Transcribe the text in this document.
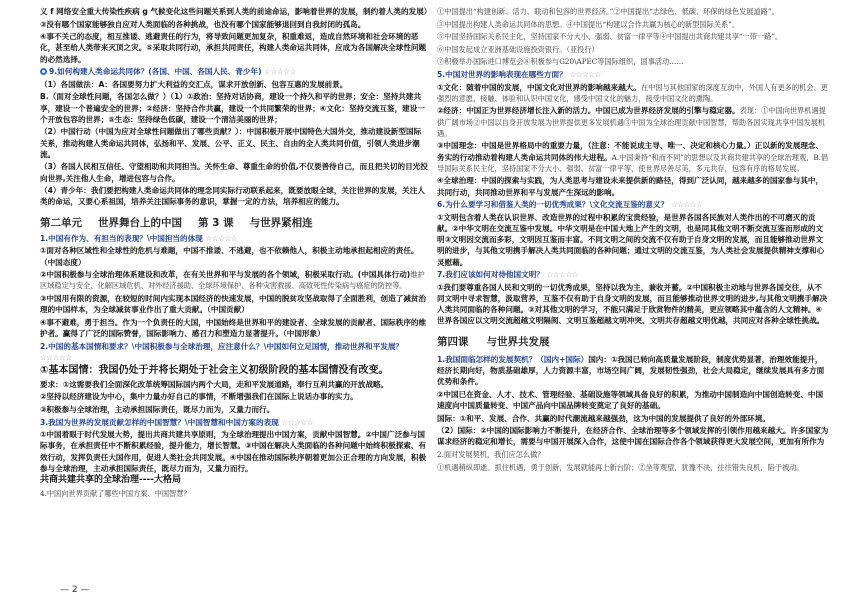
义 f 网络安全重大传染性疾病 g 气候变化这些问题关系到人类的前途命运，影响着世界的发展，制约着人类的发展）

③没有哪个国家能够独自应对人类面临的各种挑战，也没有哪个国家能够退回到自我封闭的孤岛。

④事不关己的态度，相互推诿、逃避责任的行为，将导致问题更加复杂，积重难返，造成自然环境和社会环境的恶化，甚至给人类带来灭顶之灾。⑤采取共同行动，承担共同责任，构建人类命运共同体，应成为各国解决全球性问题的必然选择。

9.如何构建人类命运共同体？(各国、中国、各国人民、青少年) ☆☆☆☆☆

（1）各国做法：A：各国要努力扩大利益的交汇点，谋求开放创新、包容互惠的发展前景。

B.（面对全球性问题，各国怎么做？）（1）①政治：坚持对话协商，建设一个持久和平的世界；安全：坚持共建共享，建设一个普遍安全的世界；②经济：坚持合作共赢，建设一个共同繁荣的世界；④文化：坚持交流互鉴，建设一个开放包容的世界；⑤生态：坚持绿色低碳，建设一个清洁美丽的世界；

（2）中国行动（中国为应对全球性问题做出了哪些贡献？）：中国积极开展中国特色大国外交，推动建设新型国际关系，推动构建人类命运共同体，弘扬和平、发展、公平、正义、民主、自由的全人类共同价值，引领人类进步潮流。

（3）各国人民相互信任、守望相助和共同担当。关怀生命、尊重生命的价值,不仅要善待自己，而且把关切的目光投向世界,关注他人生命，增进包容与合作。

（4）青少年：我们要把构建人类命运共同体的理念同实际行动联系起来，既要放眼全球，关注世界的发展，关注人类的命运，又要心系祖国，培养关注国际事务的意识，掌握一定的方法，培养相应的能力。

第二单元 世界舞台上的中国 第 3 课 与世界紧相连

1.中国有作为、有担当的表现？\中国担当的体现 ☆☆☆☆☆

①面对各种区域性和全球性的危机与难题，中国不推诿、不逃避，也不依赖他人，积极主动地承担起相应的责任。（中国态度）

②中国积极参与全球治理体系建设和改革，在有关世界和平与发展的各个领域，积极采取行动。(中国具体行动)维护区域稳定与安全、化解区域危机、对外经济援助、全球环境保护、各种灾害救援、高致死性传染病与癌症的防控等。

③中国用有限的资源，在较短的时间内实现本国经济的快速发展，中国的脱贫攻坚战取得了全面胜利，创造了减贫治理的中国样本，为全球减贫事业作出了重大贡献。（中国贡献）

④事不避难，勇于担当。作为一个负责任的大国，中国始终是世界和平的建设者、全球发展的贡献者、国际秩序的维护者。赢得了广泛的国际赞誉，国际影响力、感召力和塑造力显著提升。（中国形象）

2.中国的基本国情和要求？\中国积极参与全球治理，应注意什么？\中国如何立足国情，推动世界和平发展？ ☆☆☆☆☆

①基本国情：我国仍处于并将长期处于社会主义初级阶段的基本国情没有改变。

要求：①这需要我们全面深化改革统筹国际国内两个大局，走和平发展道路，奉行互利共赢的开放战略。

②坚持以经济建设为中心，集中力量办好自己的事情，不断增强我们在国际上说话办事的实力。

③积极参与全球治理，主动承担国际责任，既尽力而为，又量力而行。

3.我国为世界的发展贡献怎样的中国智慧？\中国智慧和中国方案的表现 ☆☆☆☆☆

①中国着眼于时代发展大势，提出共商共建共享原则，为全球治理提出中国方案，贡献中国智慧。②中国广泛参与国际事务，在承担责任中不断积累经验，提升能力，增长智慧。③中国在解决人类面临的各种问题中始终积极探索、有效行动，发挥负责任大国作用，促进人类社会共同发展。④中国在推动国际秩序朝着更加公正合理的方向发展，积极参与全球治理，主动承担国际责任，既尽力而为，又量力而行。

共商共建共享的全球治理----大格局

4.中国向世界贡献了哪些中国方案、中国智慧？

— 2 —

①中国提出“构建创新、活力、联动和包容的世界经济。”②中国提出“志绿色、低碳、环保的绿色发展道路”。

③中国提出构建人类命运共同体的思想。④中国提出“构建以合作共赢为核心的新型国际关系”。

⑤中国坚持国际关系民主化，坚持国家不分大小、强弱、贫富一律平等④中国提出共商共建共享“一带一路”。

⑥中国发起成立亚洲基础设施投资银行。（亚投行）

⑦积极举办国际进口博览会⑧积极参与G20\APEC等国际组织，国事活动……

5.中国对世界的影响表现在哪些方面？ ☆☆☆☆☆

①文化：随着中国的发展，中国文化对世界的影响越来越大。在中国与其他国家的深度互动中，外国人有更多的机会、更强烈的意愿，接触、体验和认识中国文化，感受中国文化的魅力，接受中国文化的熏陶。

②经济：中国正为世界经济增长注入新的活力。中国已成为世界经济发展的引擎与稳定器。表现：①中国向世界机遇提供广阔市场②中国以自身开放发展为世界提供更多发展机遇③中国为全球治理贡献中国智慧，帮助各国实现共享中国发展机遇。

③中国理念：中国是世界格局中的重要力量，（注意：不能说成主导、唯一、决定和核心力量。）正以新的发展理念、务实的行动推动着构建人类命运共同体的伟大进程。A.中国秉持“和而不同”的思想以及共商共建共享的全球治理观，B.倡导国际关系民主化，坚持国家不分大小、强弱、贫富一律平等，使世界尽善尽美，多元共存，包容有序的格局发展。

④全球治理：中国的探索与实践，为人类思考与建设未来提供新的路径，得到广泛认同，越来越多的国家参与其中，共同行动，共同推动世界和平与发展产生深远的影响。

6.为什么要学习和借鉴人类的一切优秀成果？\文化交流互鉴的意义？ ☆☆☆☆☆

①文明包含着人类在认识世界、改造世界的过程中积累的宝贵经验，是世界各国各民族对人类作出的不可磨灭的贡献。②中华文明在交流互鉴中发展。中华文明是在中国大地上产生的文明，也是同其他文明不断交流互鉴而形成的文明③文明因交流而多彩，文明因互鉴而丰富。不同文明之间的交流不仅有助于自身文明的发展，而且能够推动世界文明的进步，与其他文明携手解决人类共同面临的各种问题；通过文明的交流互鉴，为人类社会发展提供精神支撑和心灵慰藉。

7.我们应该如何对待他国文明？ ☆☆☆☆☆

①我们要尊重各国人民和文明的一切优秀成果，坚持以我为主，兼收并蓄。②中国积极主动地与世界各国交往，从不同文明中寻求智慧，汲取营养，互鉴不仅有助于自身文明的发展，而且能够推动世界文明的进步,与其他文明携手解决人类共同面临的各种问题。③对其他文明的学习，不能只满足于欣赏物件的精美，更应领略其中蕴含的人文精神。④世界各国应以文明交流超越文明隔阂、文明互鉴超越文明冲突、文明共存超越文明优越，共同应对各种全球性挑战。

第四课 与世界共发展

1.我国面临怎样的发展契机？（国内+国际）国内：①我国已转向高质量发展阶段，制度优势显著，治理效能提升，经济长期向好，物质基础雄厚，人力资源丰富，市场空间广阔，发展韧性强劲，社会大局稳定，继续发展具有多方面优势和条件。

②中国已在资金、人才、技术、管理经验、基础设施等领域具备良好的积累，为推动中国制造向中国创造转变、中国速度向中国质量转变、中国产品向中国品牌转变奠定了良好的基础。

国际：①和平、发展、合作、共赢的时代潮流越来越强劲，这为中国的发展提供了良好的外部环境。

（2）国际：②中国的国际影响力不断提升，在经济合作、全球治理等多个领域发挥的引领作用越来越大。许多国家为谋求经济的稳定和增长，需要与中国开展深入合作，这使中国在国际合作各个领域获得更大发展空间，更加有所作为

2.面对发展契机，我们应怎么做？

①机遇稍纵即逝。抓住机遇，勇于创新，发展就能再上新台阶；②坐等观望，犹豫不决，往往错失良机，陷于被动。
